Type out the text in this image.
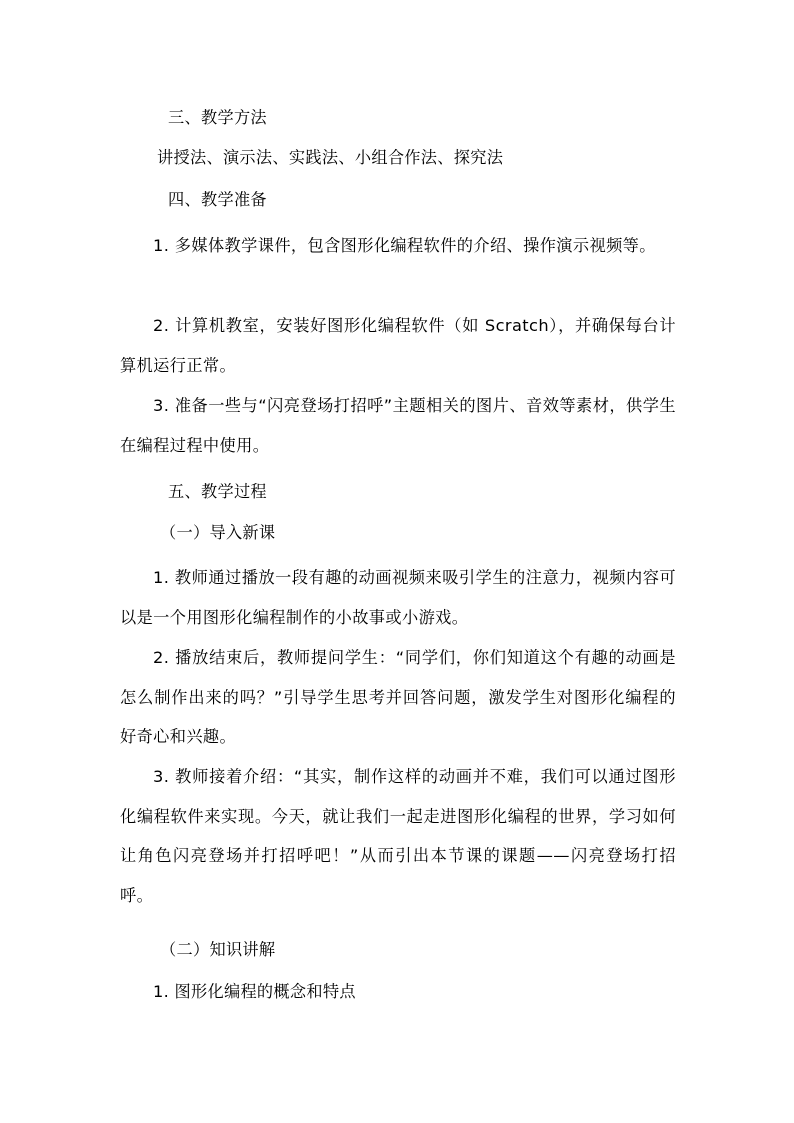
三、教学方法
讲授法、演示法、实践法、小组合作法、探究法
四、教学准备

1. 多媒体教学课件，包含图形化编程软件的介绍、操作演示视频等。

2. 计算机教室，安装好图形化编程软件（如 Scratch），并确保每台计算机运行正常。

3. 准备一些与“闪亮登场打招呼”主题相关的图片、音效等素材，供学生在编程过程中使用。

五、教学过程
（一）导入新课

1. 教师通过播放一段有趣的动画视频来吸引学生的注意力，视频内容可以是一个用图形化编程制作的小故事或小游戏。

2. 播放结束后，教师提问学生：“同学们，你们知道这个有趣的动画是怎么制作出来的吗？”引导学生思考并回答问题，激发学生对图形化编程的好奇心和兴趣。

3. 教师接着介绍：“其实，制作这样的动画并不难，我们可以通过图形化编程软件来实现。今天，就让我们一起走进图形化编程的世界，学习如何让角色闪亮登场并打招呼吧！”从而引出本节课的课题——闪亮登场打招呼。

（二）知识讲解
1. 图形化编程的概念和特点
